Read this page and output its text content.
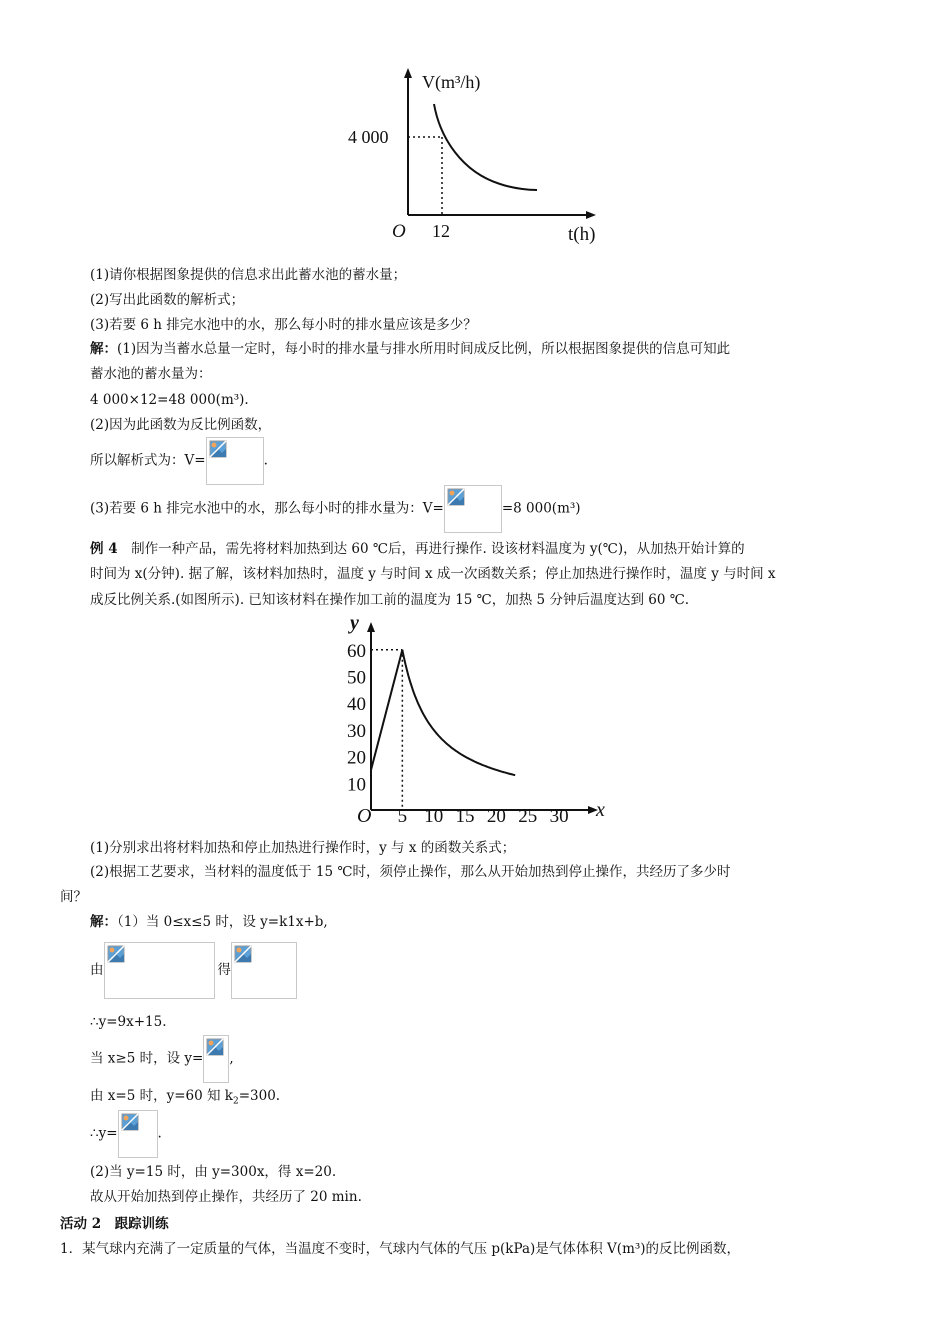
V(m³/h)
4 000
O 12	t(h)
(1)请你根据图象提供的信息求出此蓄水池的蓄水量；
(2)写出此函数的解析式；
(3)若要 6 h 排完水池中的水，那么每小时的排水量应该是多少？
解：(1)因为当蓄水总量一定时，每小时的排水量与排水所用时间成反比例，所以根据图象提供的信息可知此
蓄水池的蓄水量为：
4 000×12=48 000(m³).
(2)因为此函数为反比例函数，
所以解析式为：V=	.
(3)若要 6 h 排完水池中的水，那么每小时的排水量为：V=	=8 000(m³)
例 4　制作一种产品，需先将材料加热到达 60 ℃后，再进行操作. 设该材料温度为 y(℃)，从加热开始计算的
时间为 x(分钟). 据了解，该材料加热时，温度 y 与时间 x 成一次函数关系；停止加热进行操作时，温度 y 与时间 x
成反比例关系.(如图所示). 已知该材料在操作加工前的温度为 15 ℃，加热 5 分钟后温度达到 60 ℃.
5 10 15 20 25 30
10
20
30
40
50
60
y
O	x
(1)分别求出将材料加热和停止加热进行操作时，y 与 x 的函数关系式；
(2)根据工艺要求，当材料的温度低于 15 ℃时，须停止操作，那么从开始加热到停止操作，共经历了多少时
间？
解：（1）当 0≤x≤5 时，设 y=k1x+b,
由	得
∴y=9x+15.
当 x≥5 时，设 y= ,
由 x=5 时，y=60 知 $k_2=300$.
∴y=	.
(2)当 y=15 时，由 y=300x，得 x=20.
故从开始加热到停止操作，共经历了 20 min.
活动 2　跟踪训练
1．某气球内充满了一定质量的气体，当温度不变时，气球内气体的气压 p(kPa)是气体体积 V(m³)的反比例函数，
